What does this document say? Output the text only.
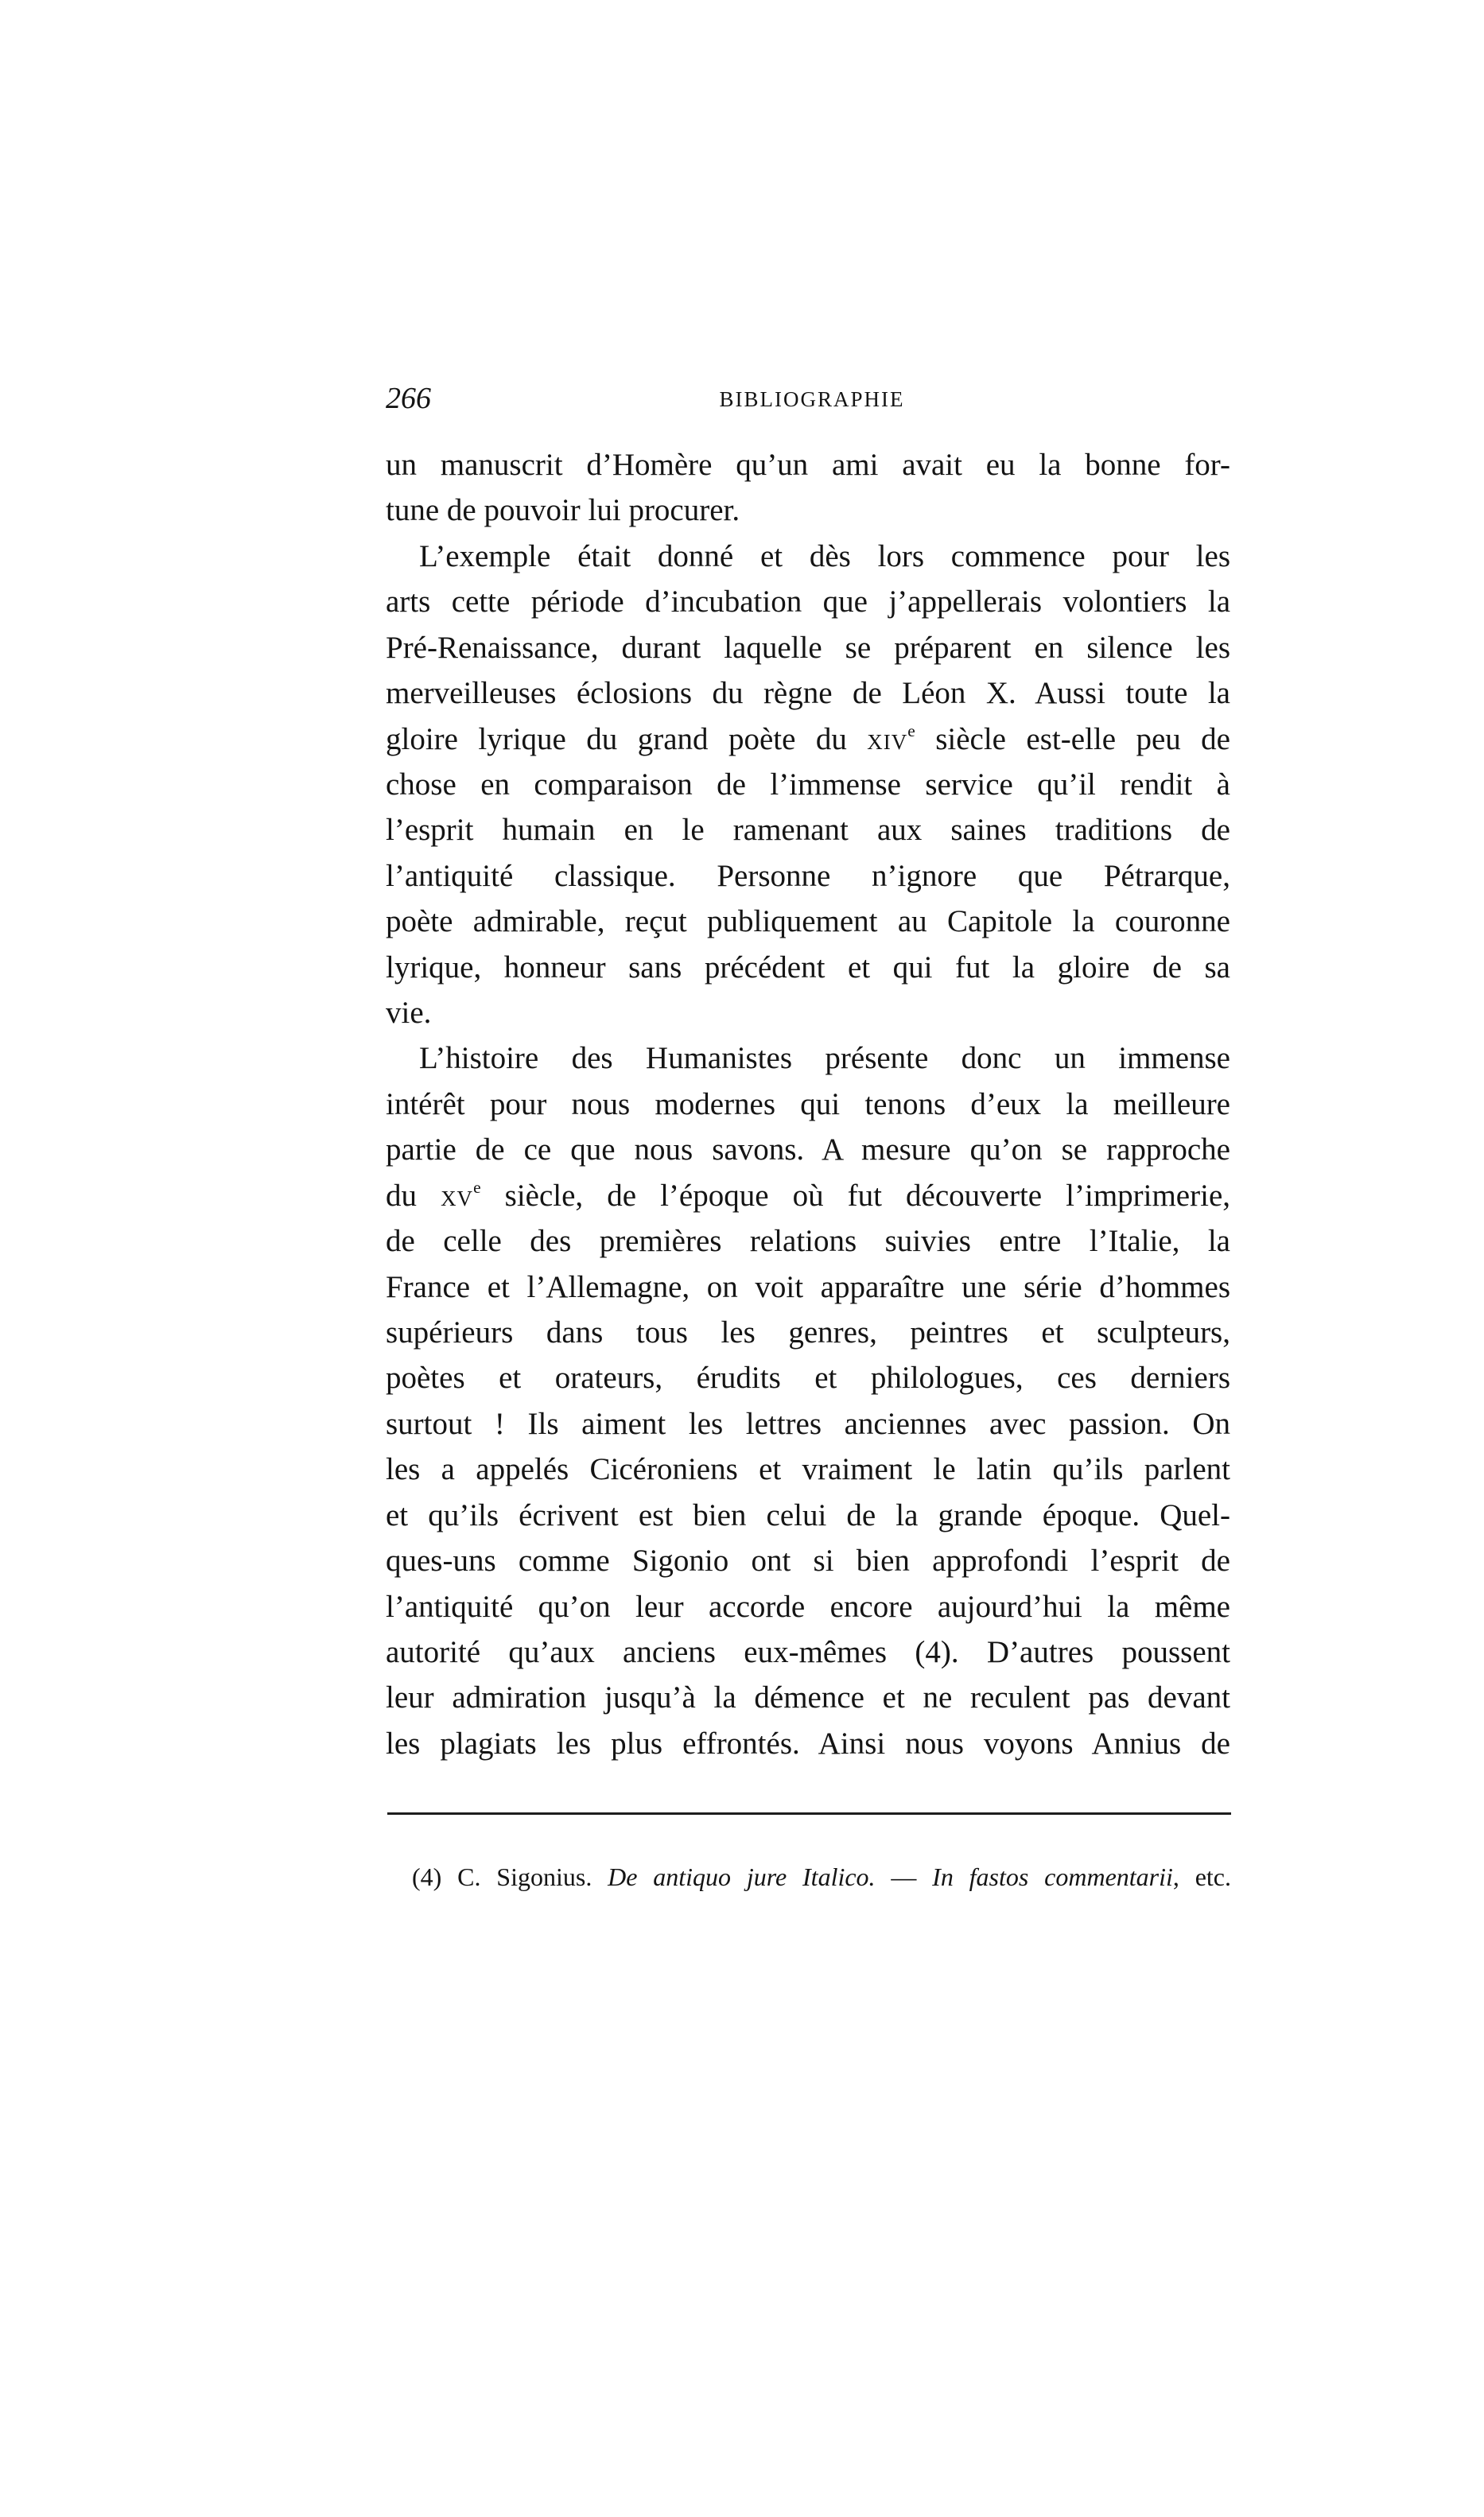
266	BIBLIOGRAPHIE
un manuscrit d’Homère qu’un ami avait eu la bonne for-
tune de pouvoir lui procurer.
L’exemple était donné et dès lors commence pour les
arts cette période d’incubation que j’appellerais volontiers la
Pré-Renaissance, durant laquelle se préparent en silence les
merveilleuses éclosions du règne de Léon X. Aussi toute la
gloire lyrique du grand poète du xiv$^e$ siècle est-elle peu de
chose en comparaison de l’immense service qu’il rendit à
l’esprit humain en le ramenant aux saines traditions de
l’antiquité classique. Personne n’ignore que Pétrarque,
poète admirable, reçut publiquement au Capitole la couronne
lyrique, honneur sans précédent et qui fut la gloire de sa
vie.
L’histoire des Humanistes présente donc un immense
intérêt pour nous modernes qui tenons d’eux la meilleure
partie de ce que nous savons. A mesure qu’on se rapproche
du $xv^e$ siècle, de l’époque où fut découverte l’imprimerie,
de celle des premières relations suivies entre l’Italie, la
France et l’Allemagne, on voit apparaître une série d’hommes
supérieurs dans tous les genres, peintres et sculpteurs,
poètes et orateurs, érudits et philologues, ces derniers
surtout ! Ils aiment les lettres anciennes avec passion. On
les a appelés Cicéroniens et vraiment le latin qu’ils parlent
et qu’ils écrivent est bien celui de la grande époque. Quel-
ques-uns comme Sigonio ont si bien approfondi l’esprit de
l’antiquité qu’on leur accorde encore aujourd’hui la même
autorité qu’aux anciens eux-mêmes (4). D’autres poussent
leur admiration jusqu’à la démence et ne reculent pas devant
les plagiats les plus effrontés. Ainsi nous voyons Annius de
(4) C. Sigonius. De antiquo jure Italico. — In fastos commentarii, etc.
